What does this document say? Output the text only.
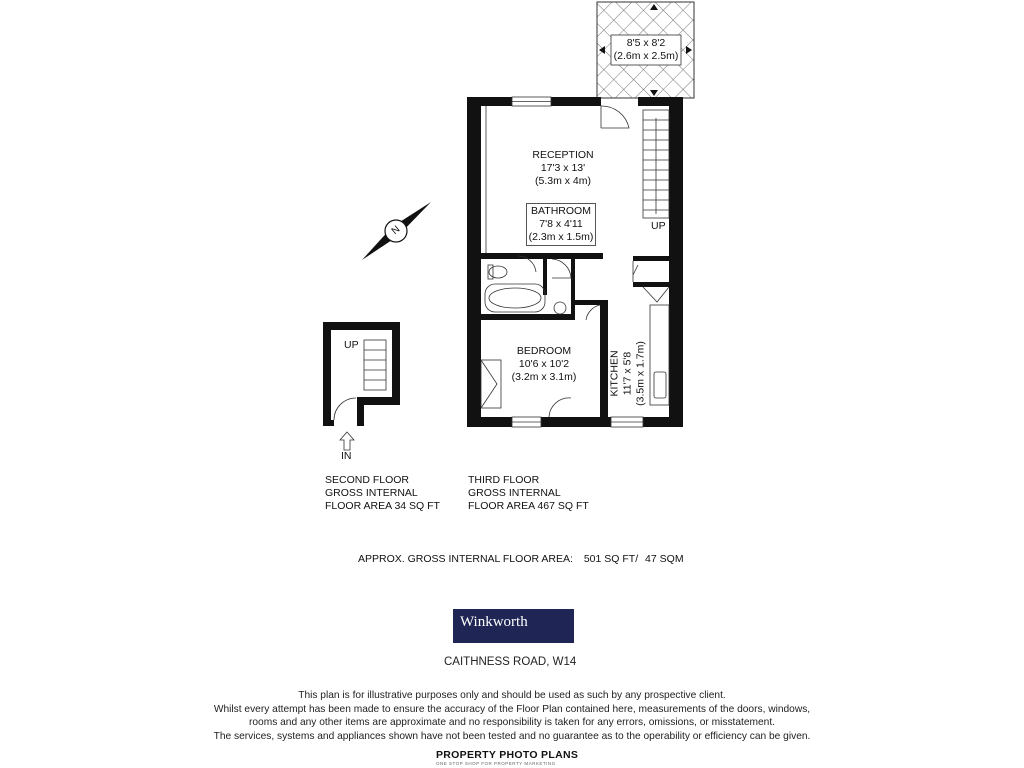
8'5 x 8'2
(2.6m x 2.5m)
RECEPTION
17'3 x 13'
(5.3m x 4m)
BATHROOM
7'8 x 4'11
(2.3m x 1.5m)
BEDROOM
10'6 x 10'2
(3.2m x 3.1m)	KITCHEN 11'7 x 5'8 (3.5m x 1.7m)
UP
UP
IN
N
SECOND FLOOR
GROSS INTERNAL
FLOOR AREA 34 SQ FT
THIRD FLOOR
GROSS INTERNAL
FLOOR AREA 467 SQ FT
APPROX. GROSS INTERNAL FLOOR AREA: 501 SQ FT/ 47 SQM
Winkworth
CAITHNESS ROAD, W14
This plan is for illustrative purposes only and should be used as such by any prospective client.
Whilst every attempt has been made to ensure the accuracy of the Floor Plan contained here, measurements of the doors, windows,
rooms and any other items are approximate and no responsibility is taken for any errors, omissions, or misstatement.
The services, systems and appliances shown have not been tested and no guarantee as to the operability or efficiency can be given.
PROPERTY PHOTO PLANS
ONE STOP SHOP FOR PROPERTY MARKETING
